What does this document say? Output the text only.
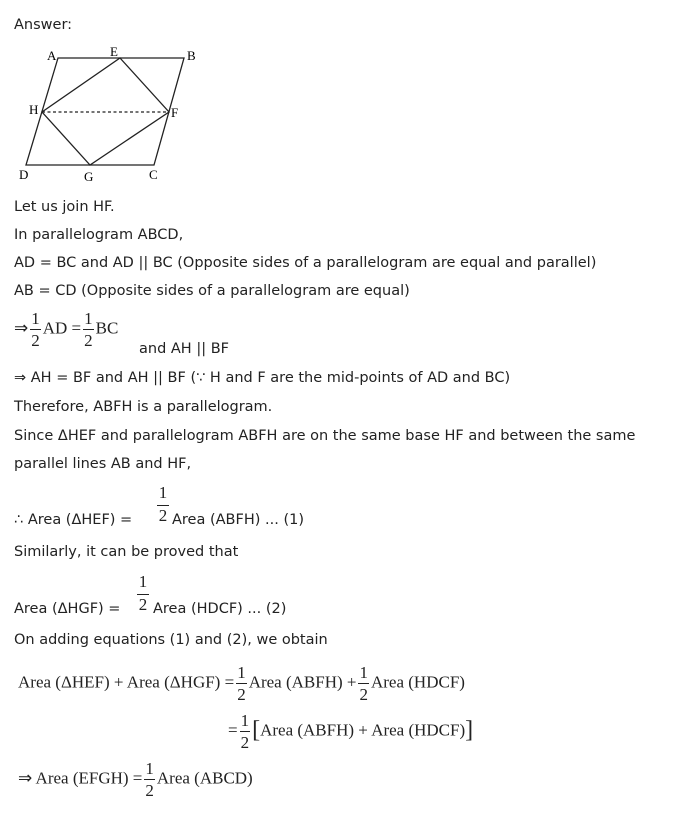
Answer:
A	E	B
H	F
D	G	C
Let us join HF.
In parallelogram ABCD,
AD = BC and AD || BC (Opposite sides of a parallelogram are equal and parallel)
AB = CD (Opposite sides of a parallelogram are equal)
⇒ $\frac{1}{2}$ AD = $\frac{1}{2}$ BC
and AH || BF
⇒ AH = BF and AH || BF (∵ H and F are the mid-points of AD and BC)
Therefore, ABFH is a parallelogram.
Since ΔHEF and parallelogram ABFH are on the same base HF and between the same
parallel lines AB and HF,
∴ Area (ΔHEF) =
1
2 Area (ABFH) ... (1)
Similarly, it can be proved that
Area (ΔHGF) =
1
2 Area (HDCF) ... (2)
On adding equations (1) and (2), we obtain
Area (ΔHEF) + Area $(\Delta HGF) = \frac{1}{2}$ Area (ABFH) + $\frac{1}{2}$ Area (HDCF)
= $\frac{1}{2}$ [Area (ABFH) + Area (HDCF)]
⇒ Area (EFGH) = $\frac{1}{2}$ Area (ABCD)
